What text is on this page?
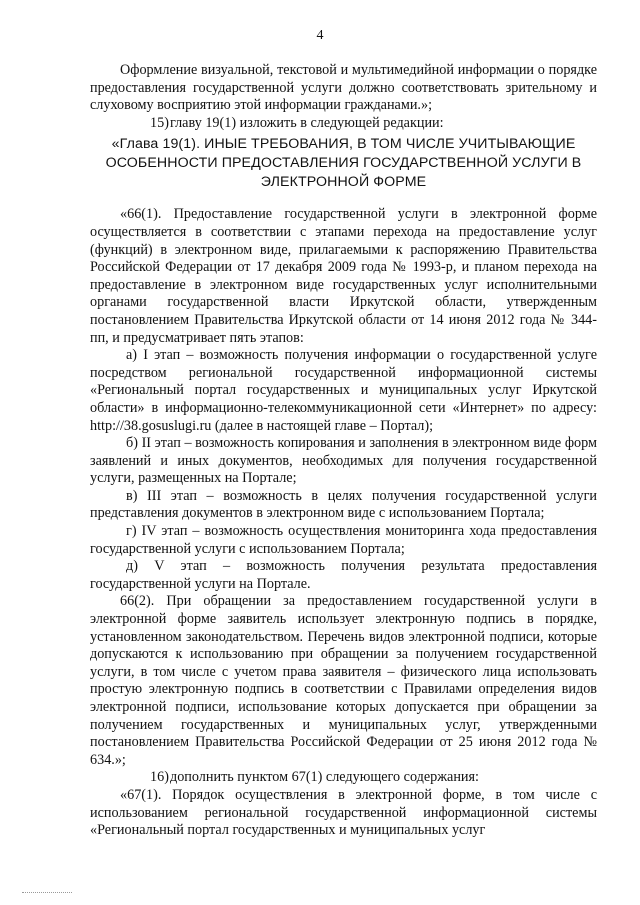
4

Оформление визуальной, текстовой и мультимедийной информации о порядке предоставления государственной услуги должно соответствовать зрительному и слуховому восприятию этой информации гражданами.»;

15)главу 19(1) изложить в следующей редакции:

«Глава 19(1). ИНЫЕ ТРЕБОВАНИЯ, В ТОМ ЧИСЛЕ УЧИТЫВАЮЩИЕ ОСОБЕННОСТИ ПРЕДОСТАВЛЕНИЯ ГОСУДАРСТВЕННОЙ УСЛУГИ В ЭЛЕКТРОННОЙ ФОРМЕ

«66(1). Предоставление государственной услуги в электронной форме осуществляется в соответствии с этапами перехода на предоставление услуг (функций) в электронном виде, прилагаемыми к распоряжению Правительства Российской Федерации от 17 декабря 2009 года № 1993-р, и планом перехода на предоставление в электронном виде государственных услуг исполнительными органами государственной власти Иркутской области, утвержденным постановлением Правительства Иркутской области от 14 июня 2012 года № 344-пп, и предусматривает пять этапов:

а) I этап – возможность получения информации о государственной услуге посредством региональной государственной информационной системы «Региональный портал государственных и муниципальных услуг Иркутской области» в информационно-телекоммуникационной сети «Интернет» по адресу: http://38.gosuslugi.ru (далее в настоящей главе – Портал);

б) II этап – возможность копирования и заполнения в электронном виде форм заявлений и иных документов, необходимых для получения государственной услуги, размещенных на Портале;

в) III этап – возможность в целях получения государственной услуги представления документов в электронном виде с использованием Портала;

г) IV этап – возможность осуществления мониторинга хода предоставления государственной услуги с использованием Портала;

д) V этап – возможность получения результата предоставления государственной услуги на Портале.

66(2). При обращении за предоставлением государственной услуги в электронной форме заявитель использует электронную подпись в порядке, установленном законодательством. Перечень видов электронной подписи, которые допускаются к использованию при обращении за получением государственной услуги, в том числе с учетом права заявителя – физического лица использовать простую электронную подпись в соответствии с Правилами определения видов электронной подписи, использование которых допускается при обращении за получением государственных и муниципальных услуг, утвержденными постановлением Правительства Российской Федерации от 25 июня 2012 года № 634.»;

16)дополнить пунктом 67(1) следующего содержания:

«67(1). Порядок осуществления в электронной форме, в том числе с использованием региональной государственной информационной системы «Региональный портал государственных и муниципальных услуг
